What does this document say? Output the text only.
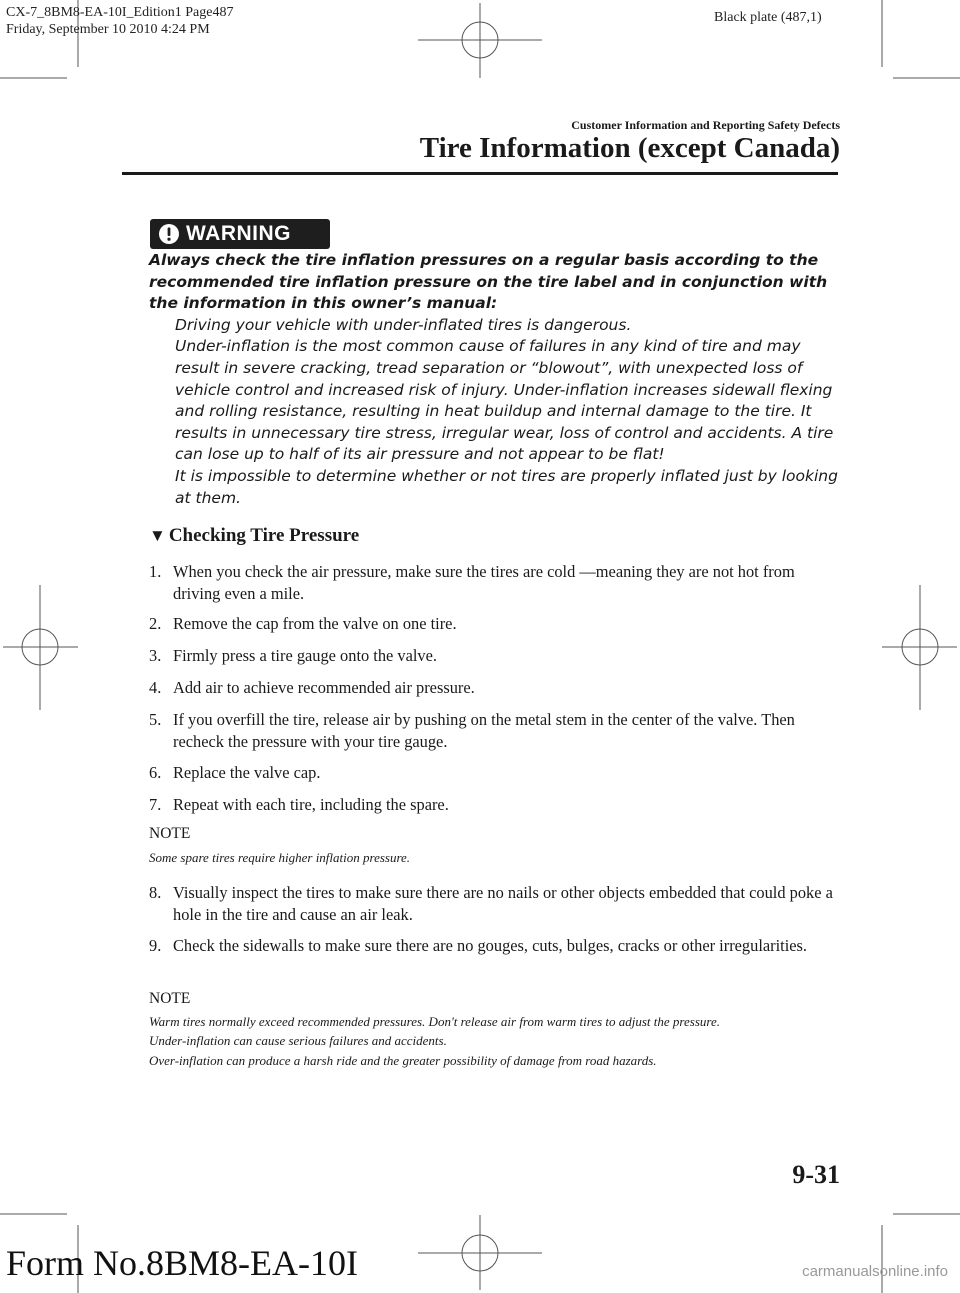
CX-7_8BM8-EA-10I_Edition1 Page487
Friday, September 10 2010 4:24 PM
Black plate (487,1)
Customer Information and Reporting Safety Defects
Tire Information (except Canada)
WARNING
Always check the tire inflation pressures on a regular basis according to the recommended tire inflation pressure on the tire label and in conjunction with the information in this owner’s manual:
Driving your vehicle with under-inflated tires is dangerous.
Under-inflation is the most common cause of failures in any kind of tire and may result in severe cracking, tread separation or “blowout”, with unexpected loss of vehicle control and increased risk of injury. Under-inflation increases sidewall flexing and rolling resistance, resulting in heat buildup and internal damage to the tire. It results in unnecessary tire stress, irregular wear, loss of control and accidents. A tire can lose up to half of its air pressure and not appear to be flat!
It is impossible to determine whether or not tires are properly inflated just by looking at them.
▼ Checking Tire Pressure
1. When you check the air pressure, make sure the tires are cold ―meaning they are not hot from driving even a mile.
2. Remove the cap from the valve on one tire.
3. Firmly press a tire gauge onto the valve.
4. Add air to achieve recommended air pressure.
5. If you overfill the tire, release air by pushing on the metal stem in the center of the valve. Then recheck the pressure with your tire gauge.
6. Replace the valve cap.
7. Repeat with each tire, including the spare.
NOTE
Some spare tires require higher inflation pressure.
8. Visually inspect the tires to make sure there are no nails or other objects embedded that could poke a hole in the tire and cause an air leak.
9. Check the sidewalls to make sure there are no gouges, cuts, bulges, cracks or other irregularities.
NOTE
Warm tires normally exceed recommended pressures. Don't release air from warm tires to adjust the pressure.
Under-inflation can cause serious failures and accidents.
Over-inflation can produce a harsh ride and the greater possibility of damage from road hazards.
9-31
Form No.8BM8-EA-10I	carmanualsonline.info
